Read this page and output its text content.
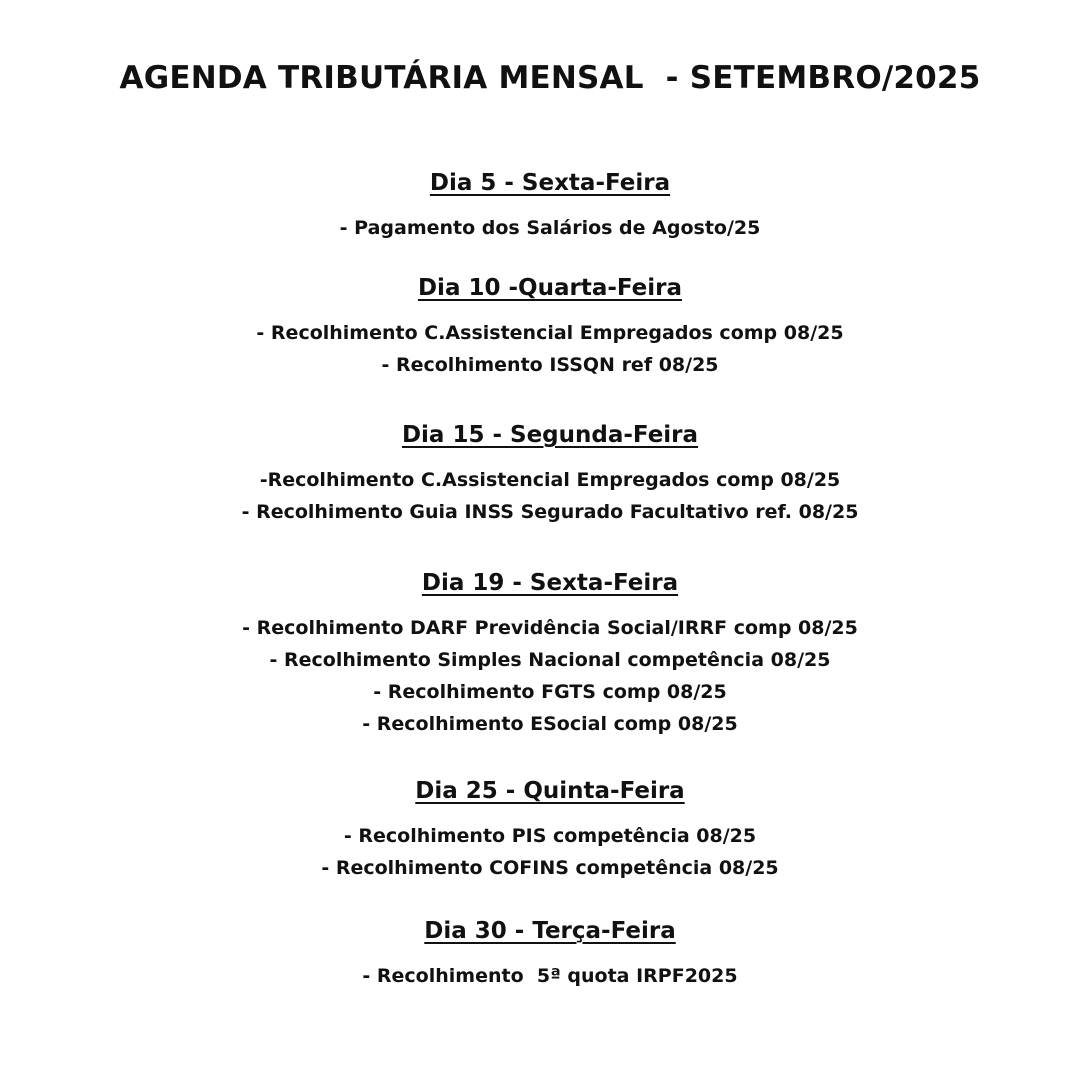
AGENDA TRIBUTÁRIA MENSAL  - SETEMBRO/2025
Dia 5 - Sexta-Feira
- Pagamento dos Salários de Agosto/25
Dia 10 -Quarta-Feira
- Recolhimento C.Assistencial Empregados comp 08/25
- Recolhimento ISSQN ref 08/25
Dia 15 - Segunda-Feira
-Recolhimento C.Assistencial Empregados comp 08/25
- Recolhimento Guia INSS Segurado Facultativo ref. 08/25
Dia 19 - Sexta-Feira
- Recolhimento DARF Previdência Social/IRRF comp 08/25
- Recolhimento Simples Nacional competência 08/25
- Recolhimento FGTS comp 08/25
- Recolhimento ESocial comp 08/25
Dia 25 - Quinta-Feira
- Recolhimento PIS competência 08/25
- Recolhimento COFINS competência 08/25
Dia 30 - Terça-Feira
- Recolhimento  5ª quota IRPF2025
